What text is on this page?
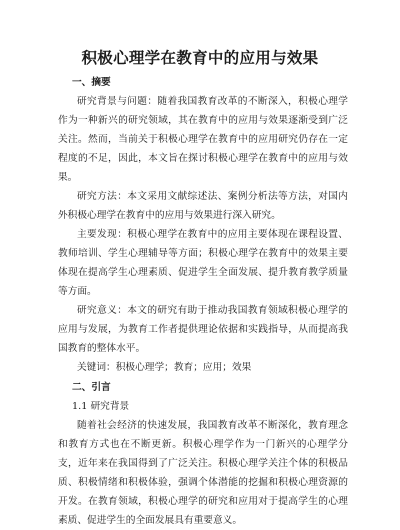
积极心理学在教育中的应用与效果
一、摘要

研究背景与问题：随着我国教育改革的不断深入，积极心理学作为一种新兴的研究领域，其在教育中的应用与效果逐渐受到广泛关注。然而，当前关于积极心理学在教育中的应用研究仍存在一定程度的不足，因此，本文旨在探讨积极心理学在教育中的应用与效果。

研究方法：本文采用文献综述法、案例分析法等方法，对国内外积极心理学在教育中的应用与效果进行深入研究。

主要发现：积极心理学在教育中的应用主要体现在课程设置、教师培训、学生心理辅导等方面；积极心理学在教育中的效果主要体现在提高学生心理素质、促进学生全面发展、提升教育教学质量等方面。

研究意义：本文的研究有助于推动我国教育领域积极心理学的应用与发展，为教育工作者提供理论依据和实践指导，从而提高我国教育的整体水平。

关键词：积极心理学；教育；应用；效果

二、引言
1.1 研究背景

随着社会经济的快速发展，我国教育改革不断深化，教育理念和教育方式也在不断更新。积极心理学作为一门新兴的心理学分支，近年来在我国得到了广泛关注。积极心理学关注个体的积极品质、积极情绪和积极体验，强调个体潜能的挖掘和积极心理资源的开发。在教育领域，积极心理学的研究和应用对于提高学生的心理素质、促进学生的全面发展具有重要意义。
